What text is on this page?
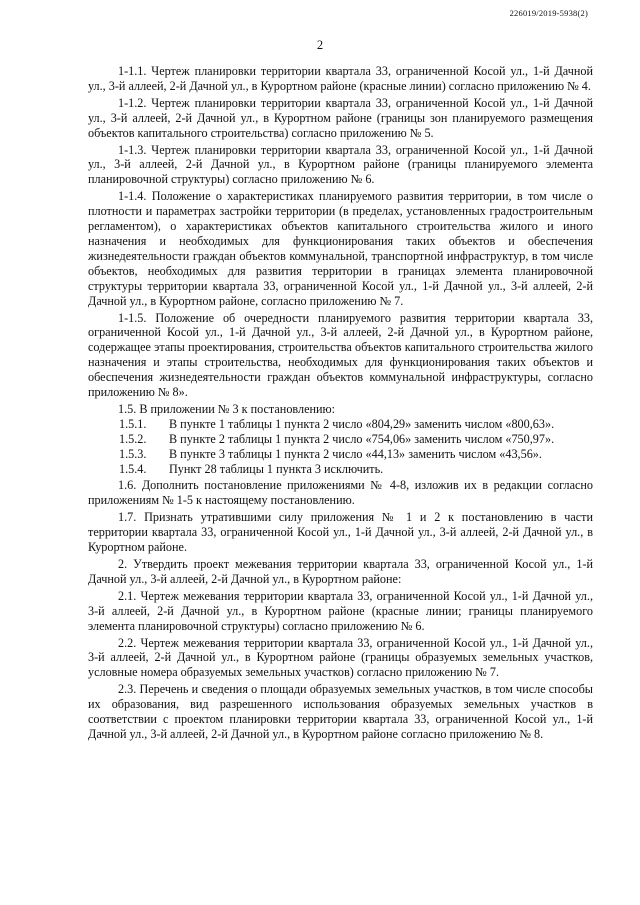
226019/2019-5938(2)
2

1-1.1. Чертеж планировки территории квартала 33, ограниченной Косой ул., 1-й Дачной ул., 3-й аллеей, 2-й Дачной ул., в Курортном районе (красные линии) согласно приложению № 4.

1-1.2. Чертеж планировки территории квартала 33, ограниченной Косой ул., 1-й Дачной ул., 3-й аллеей, 2-й Дачной ул., в Курортном районе (границы зон планируемого размещения объектов капитального строительства) согласно приложению № 5.

1-1.3. Чертеж планировки территории квартала 33, ограниченной Косой ул., 1-й Дачной ул., 3-й аллеей, 2-й Дачной ул., в Курортном районе (границы планируемого элемента планировочной структуры) согласно приложению № 6.

1-1.4. Положение о характеристиках планируемого развития территории, в том числе о плотности и параметрах застройки территории (в пределах, установленных градостроительным регламентом), о характеристиках объектов капитального строительства жилого и иного назначения и необходимых для функционирования таких объектов и обеспечения жизнедеятельности граждан объектов коммунальной, транспортной инфраструктур, в том числе объектов, необходимых для развития территории в границах элемента планировочной структуры территории квартала 33, ограниченной Косой ул., 1-й Дачной ул., 3-й аллеей, 2-й Дачной ул., в Курортном районе, согласно приложению № 7.

1-1.5. Положение об очередности планируемого развития территории квартала 33, ограниченной Косой ул., 1-й Дачной ул., 3-й аллеей, 2-й Дачной ул., в Курортном районе, содержащее этапы проектирования, строительства объектов капитального строительства жилого назначения и этапы строительства, необходимых для функционирования таких объектов и обеспечения жизнедеятельности граждан объектов коммунальной инфраструктуры, согласно приложению № 8».

1.5. В приложении № 3 к постановлению:

1.5.1.	В пункте 1 таблицы 1 пункта 2 число «804,29» заменить числом «800,63».
1.5.2.	В пункте 2 таблицы 1 пункта 2 число «754,06» заменить числом «750,97».
1.5.3.	В пункте 3 таблицы 1 пункта 2 число «44,13» заменить числом «43,56».
1.5.4.	Пункт 28 таблицы 1 пункта 3 исключить.

1.6. Дополнить постановление приложениями № 4-8, изложив их в редакции согласно приложениям № 1-5 к настоящему постановлению.

1.7. Признать утратившими силу приложения № 1 и 2 к постановлению в части территории квартала 33, ограниченной Косой ул., 1-й Дачной ул., 3-й аллеей, 2-й Дачной ул., в Курортном районе.

2. Утвердить проект межевания территории квартала 33, ограниченной Косой ул., 1-й Дачной ул., 3-й аллеей, 2-й Дачной ул., в Курортном районе:

2.1. Чертеж межевания территории квартала 33, ограниченной Косой ул., 1-й Дачной ул., 3-й аллеей, 2-й Дачной ул., в Курортном районе (красные линии; границы планируемого элемента планировочной структуры) согласно приложению № 6.

2.2. Чертеж межевания территории квартала 33, ограниченной Косой ул., 1-й Дачной ул., 3-й аллеей, 2-й Дачной ул., в Курортном районе (границы образуемых земельных участков, условные номера образуемых земельных участков) согласно приложению № 7.

2.3. Перечень и сведения о площади образуемых земельных участков, в том числе способы их образования, вид разрешенного использования образуемых земельных участков в соответствии с проектом планировки территории квартала 33, ограниченной Косой ул., 1-й Дачной ул., 3-й аллеей, 2-й Дачной ул., в Курортном районе согласно приложению № 8.
